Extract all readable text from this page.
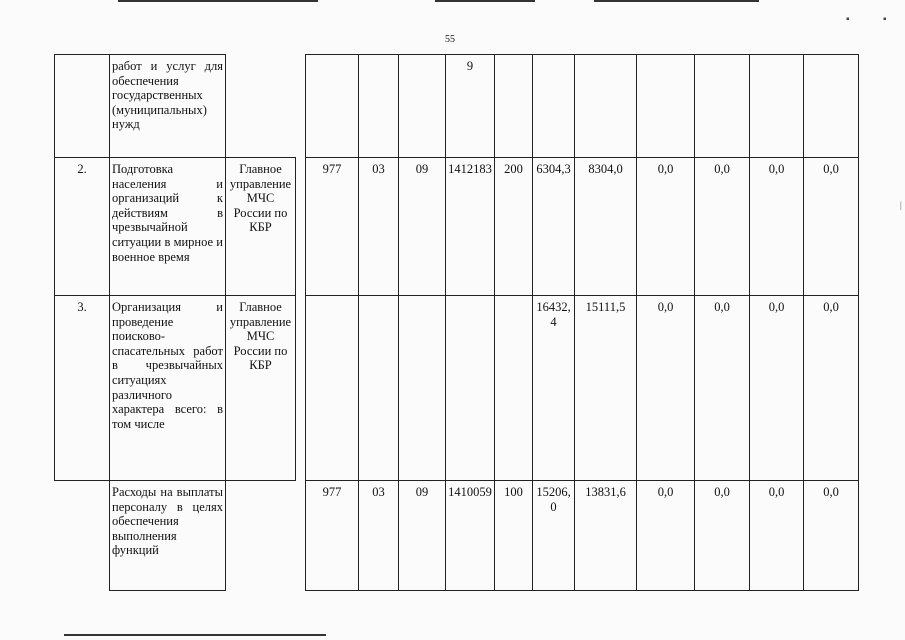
▪	▪
55
	работ и услуг для обеспечения государственных (муниципальных) нужд						9							
2.	Подготовка населения и организаций к действиям в чрезвычайной ситуации в мирное и военное время	Главное управление МЧС России по КБР		977	03	09	1412183	200	6304,3	8304,0	0,0	0,0	0,0	0,0
3.	Организация и проведение поисково-спасательных работ в чрезвычайных ситуациях различного характера всего: в том числе	Главное управление МЧС России по КБР							16432,4	15111,5	0,0	0,0	0,0	0,0
	Расходы на выплаты персоналу в целях обеспечения выполнения функций			977	03	09	1410059	100	15206,0	13831,6	0,0	0,0	0,0	0,0
|
